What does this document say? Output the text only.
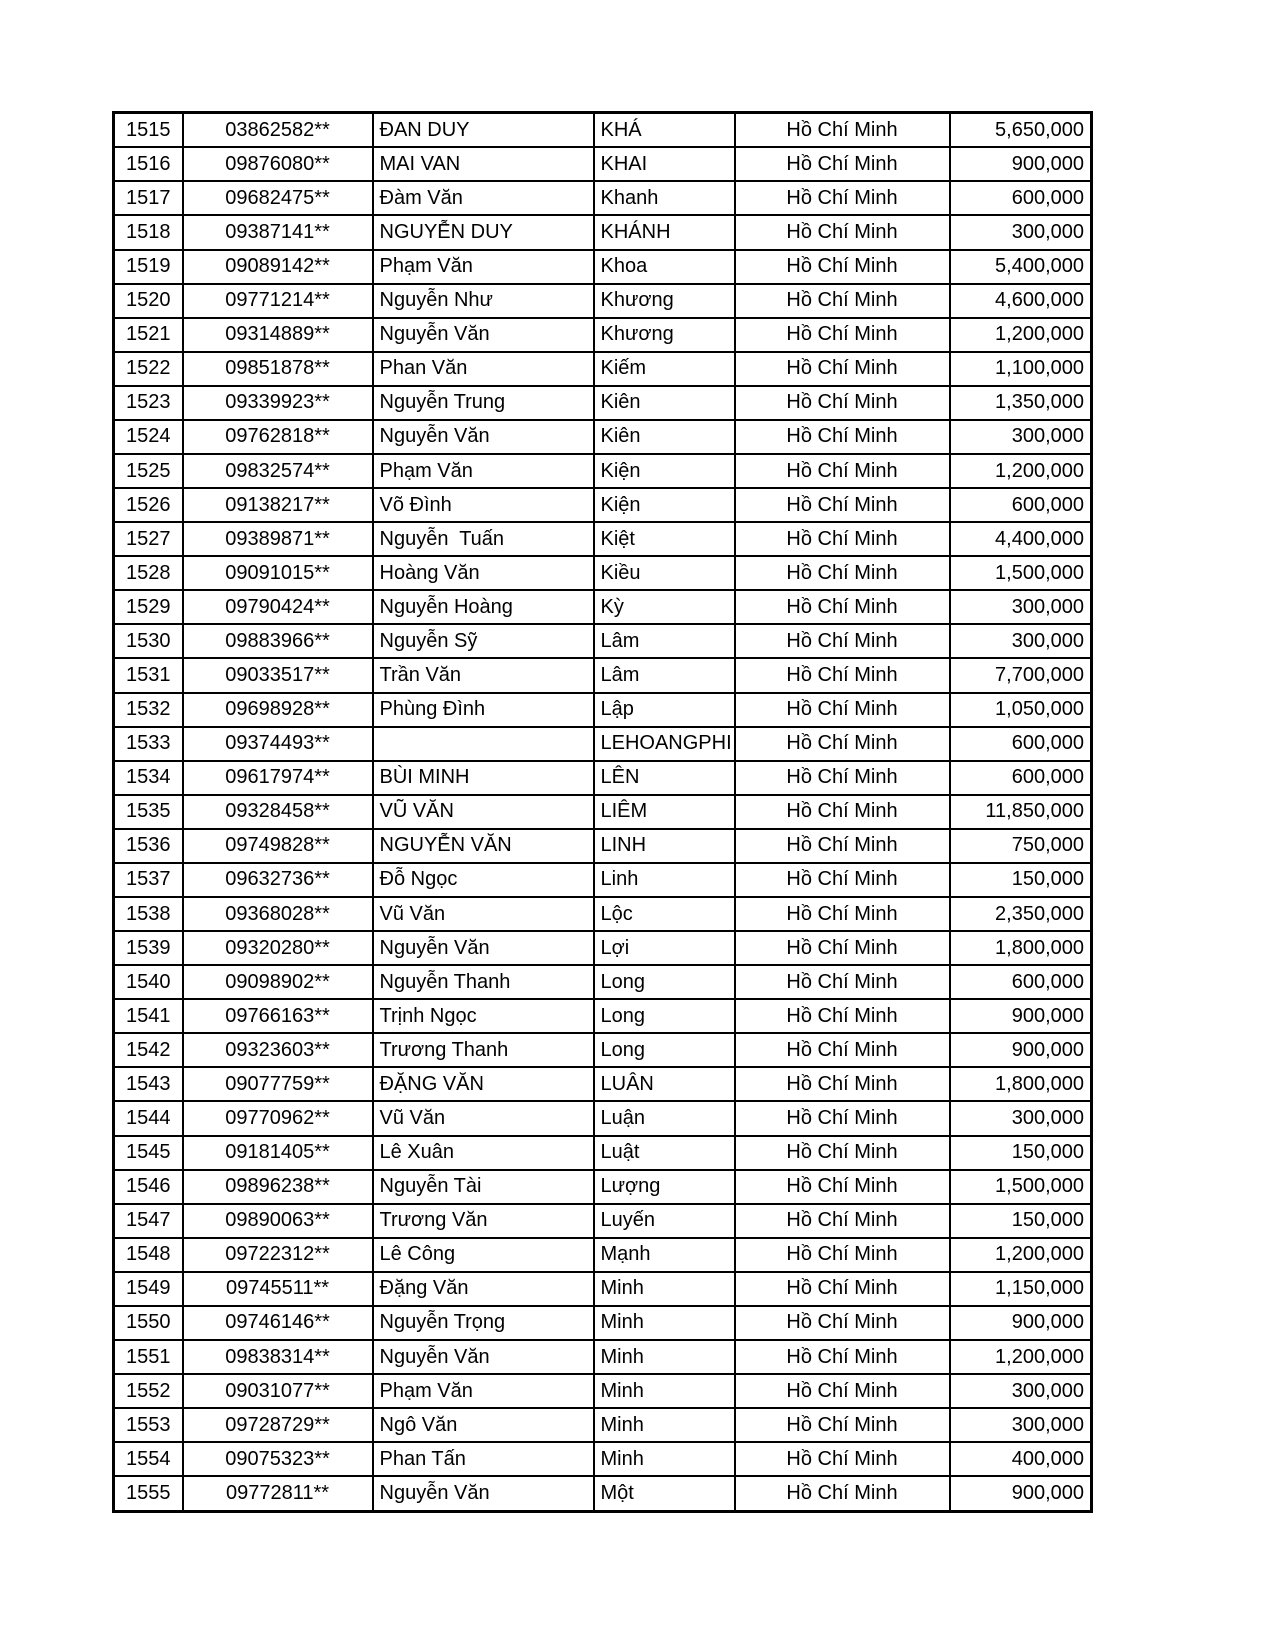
1515	03862582**	ĐAN DUY	KHÁ	Hồ Chí Minh	5,650,000
1516	09876080**	MAI VAN	KHAI	Hồ Chí Minh	900,000
1517	09682475**	Đàm Văn	Khanh	Hồ Chí Minh	600,000
1518	09387141**	NGUYỄN DUY	KHÁNH	Hồ Chí Minh	300,000
1519	09089142**	Phạm Văn	Khoa	Hồ Chí Minh	5,400,000
1520	09771214**	Nguyễn Như	Khương	Hồ Chí Minh	4,600,000
1521	09314889**	Nguyễn Văn	Khương	Hồ Chí Minh	1,200,000
1522	09851878**	Phan Văn	Kiếm	Hồ Chí Minh	1,100,000
1523	09339923**	Nguyễn Trung	Kiên	Hồ Chí Minh	1,350,000
1524	09762818**	Nguyễn Văn	Kiên	Hồ Chí Minh	300,000
1525	09832574**	Phạm Văn	Kiện	Hồ Chí Minh	1,200,000
1526	09138217**	Võ Đình	Kiện	Hồ Chí Minh	600,000
1527	09389871**	Nguyễn  Tuấn	Kiệt	Hồ Chí Minh	4,400,000
1528	09091015**	Hoàng Văn	Kiều	Hồ Chí Minh	1,500,000
1529	09790424**	Nguyễn Hoàng	Kỳ	Hồ Chí Minh	300,000
1530	09883966**	Nguyễn Sỹ	Lâm	Hồ Chí Minh	300,000
1531	09033517**	Trần Văn	Lâm	Hồ Chí Minh	7,700,000
1532	09698928**	Phùng Đình	Lập	Hồ Chí Minh	1,050,000
1533	09374493**		LEHOANGPHI	Hồ Chí Minh	600,000
1534	09617974**	BÙI MINH	LÊN	Hồ Chí Minh	600,000
1535	09328458**	VŨ VĂN	LIÊM	Hồ Chí Minh	11,850,000
1536	09749828**	NGUYỄN VĂN	LINH	Hồ Chí Minh	750,000
1537	09632736**	Đỗ Ngọc	Linh	Hồ Chí Minh	150,000
1538	09368028**	Vũ Văn	Lộc	Hồ Chí Minh	2,350,000
1539	09320280**	Nguyễn Văn	Lợi	Hồ Chí Minh	1,800,000
1540	09098902**	Nguyễn Thanh	Long	Hồ Chí Minh	600,000
1541	09766163**	Trịnh Ngọc	Long	Hồ Chí Minh	900,000
1542	09323603**	Trương Thanh	Long	Hồ Chí Minh	900,000
1543	09077759**	ĐẶNG VĂN	LUÂN	Hồ Chí Minh	1,800,000
1544	09770962**	Vũ Văn	Luận	Hồ Chí Minh	300,000
1545	09181405**	Lê Xuân	Luật	Hồ Chí Minh	150,000
1546	09896238**	Nguyễn Tài	Lượng	Hồ Chí Minh	1,500,000
1547	09890063**	Trương Văn	Luyến	Hồ Chí Minh	150,000
1548	09722312**	Lê Công	Mạnh	Hồ Chí Minh	1,200,000
1549	09745511**	Đặng Văn	Minh	Hồ Chí Minh	1,150,000
1550	09746146**	Nguyễn Trọng	Minh	Hồ Chí Minh	900,000
1551	09838314**	Nguyễn Văn	Minh	Hồ Chí Minh	1,200,000
1552	09031077**	Phạm Văn	Minh	Hồ Chí Minh	300,000
1553	09728729**	Ngô Văn	Minh	Hồ Chí Minh	300,000
1554	09075323**	Phan Tấn	Minh	Hồ Chí Minh	400,000
1555	09772811**	Nguyễn Văn	Một	Hồ Chí Minh	900,000
